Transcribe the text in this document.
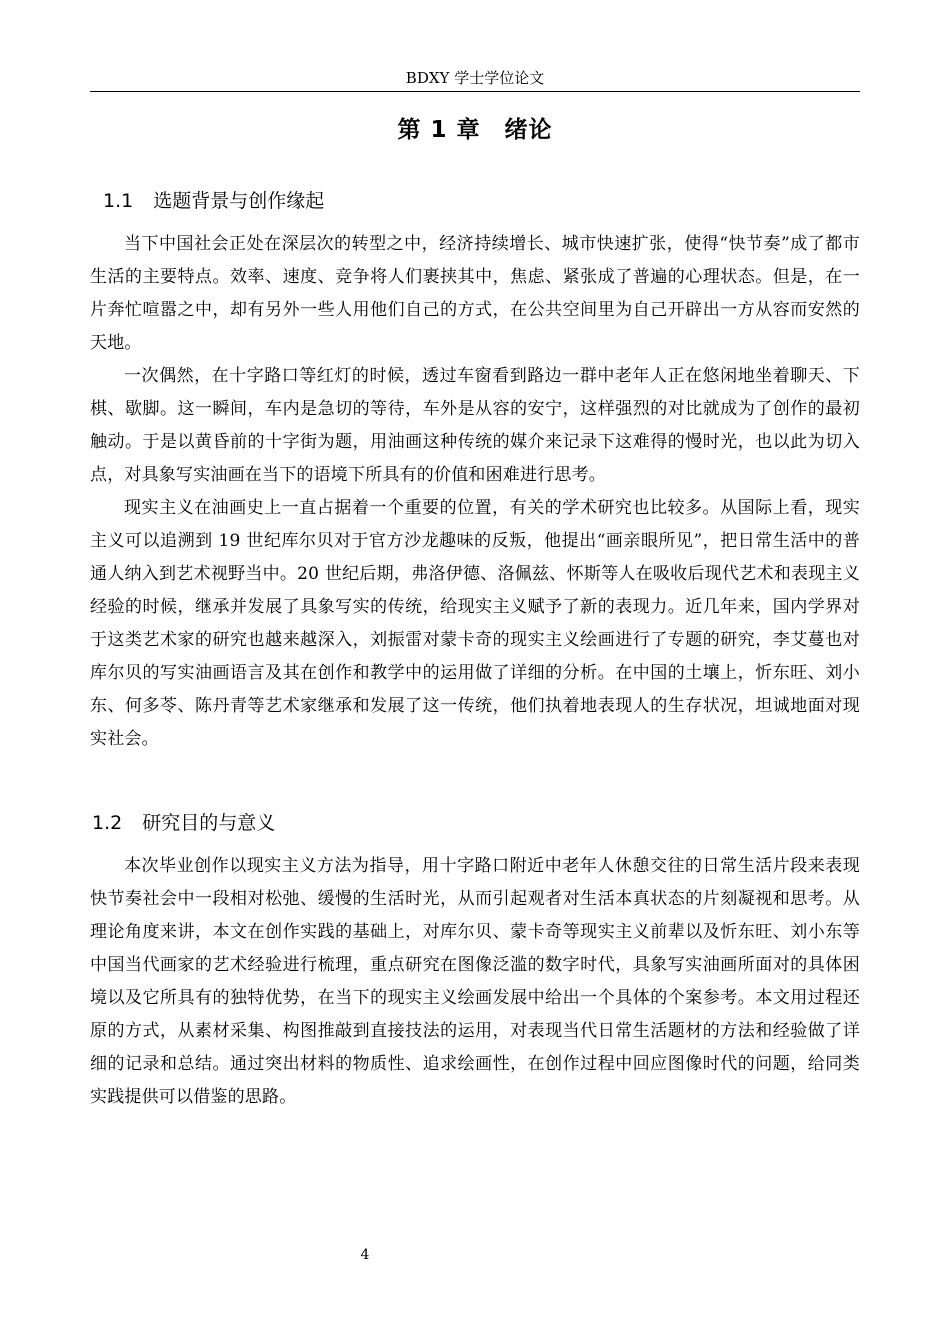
BDXY 学士学位论文
第 1 章　绪论
1.1 选题背景与创作缘起

当下中国社会正处在深层次的转型之中，经济持续增长、城市快速扩张，使得“快节奏”成了都市生活的主要特点。效率、速度、竞争将人们裹挟其中，焦虑、紧张成了普遍的心理状态。但是，在一片奔忙喧嚣之中，却有另外一些人用他们自己的方式，在公共空间里为自己开辟出一方从容而安然的天地。

一次偶然，在十字路口等红灯的时候，透过车窗看到路边一群中老年人正在悠闲地坐着聊天、下棋、歇脚。这一瞬间，车内是急切的等待，车外是从容的安宁，这样强烈的对比就成为了创作的最初触动。于是以黄昏前的十字街为题，用油画这种传统的媒介来记录下这难得的慢时光，也以此为切入点，对具象写实油画在当下的语境下所具有的价值和困难进行思考。

现实主义在油画史上一直占据着一个重要的位置，有关的学术研究也比较多。从国际上看，现实主义可以追溯到 19 世纪库尔贝对于官方沙龙趣味的反叛，他提出“画亲眼所见”，把日常生活中的普通人纳入到艺术视野当中。20 世纪后期，弗洛伊德、洛佩兹、怀斯等人在吸收后现代艺术和表现主义经验的时候，继承并发展了具象写实的传统，给现实主义赋予了新的表现力。近几年来，国内学界对于这类艺术家的研究也越来越深入，刘振雷对蒙卡奇的现实主义绘画进行了专题的研究，李艾蔓也对库尔贝的写实油画语言及其在创作和教学中的运用做了详细的分析。在中国的土壤上，忻东旺、刘小东、何多苓、陈丹青等艺术家继承和发展了这一传统，他们执着地表现人的生存状况，坦诚地面对现实社会。

1.2 研究目的与意义

本次毕业创作以现实主义方法为指导，用十字路口附近中老年人休憩交往的日常生活片段来表现快节奏社会中一段相对松弛、缓慢的生活时光，从而引起观者对生活本真状态的片刻凝视和思考。从理论角度来讲，本文在创作实践的基础上，对库尔贝、蒙卡奇等现实主义前辈以及忻东旺、刘小东等中国当代画家的艺术经验进行梳理，重点研究在图像泛滥的数字时代，具象写实油画所面对的具体困境以及它所具有的独特优势，在当下的现实主义绘画发展中给出一个具体的个案参考。本文用过程还原的方式，从素材采集、构图推敲到直接技法的运用，对表现当代日常生活题材的方法和经验做了详细的记录和总结。通过突出材料的物质性、追求绘画性，在创作过程中回应图像时代的问题，给同类实践提供可以借鉴的思路。

4
